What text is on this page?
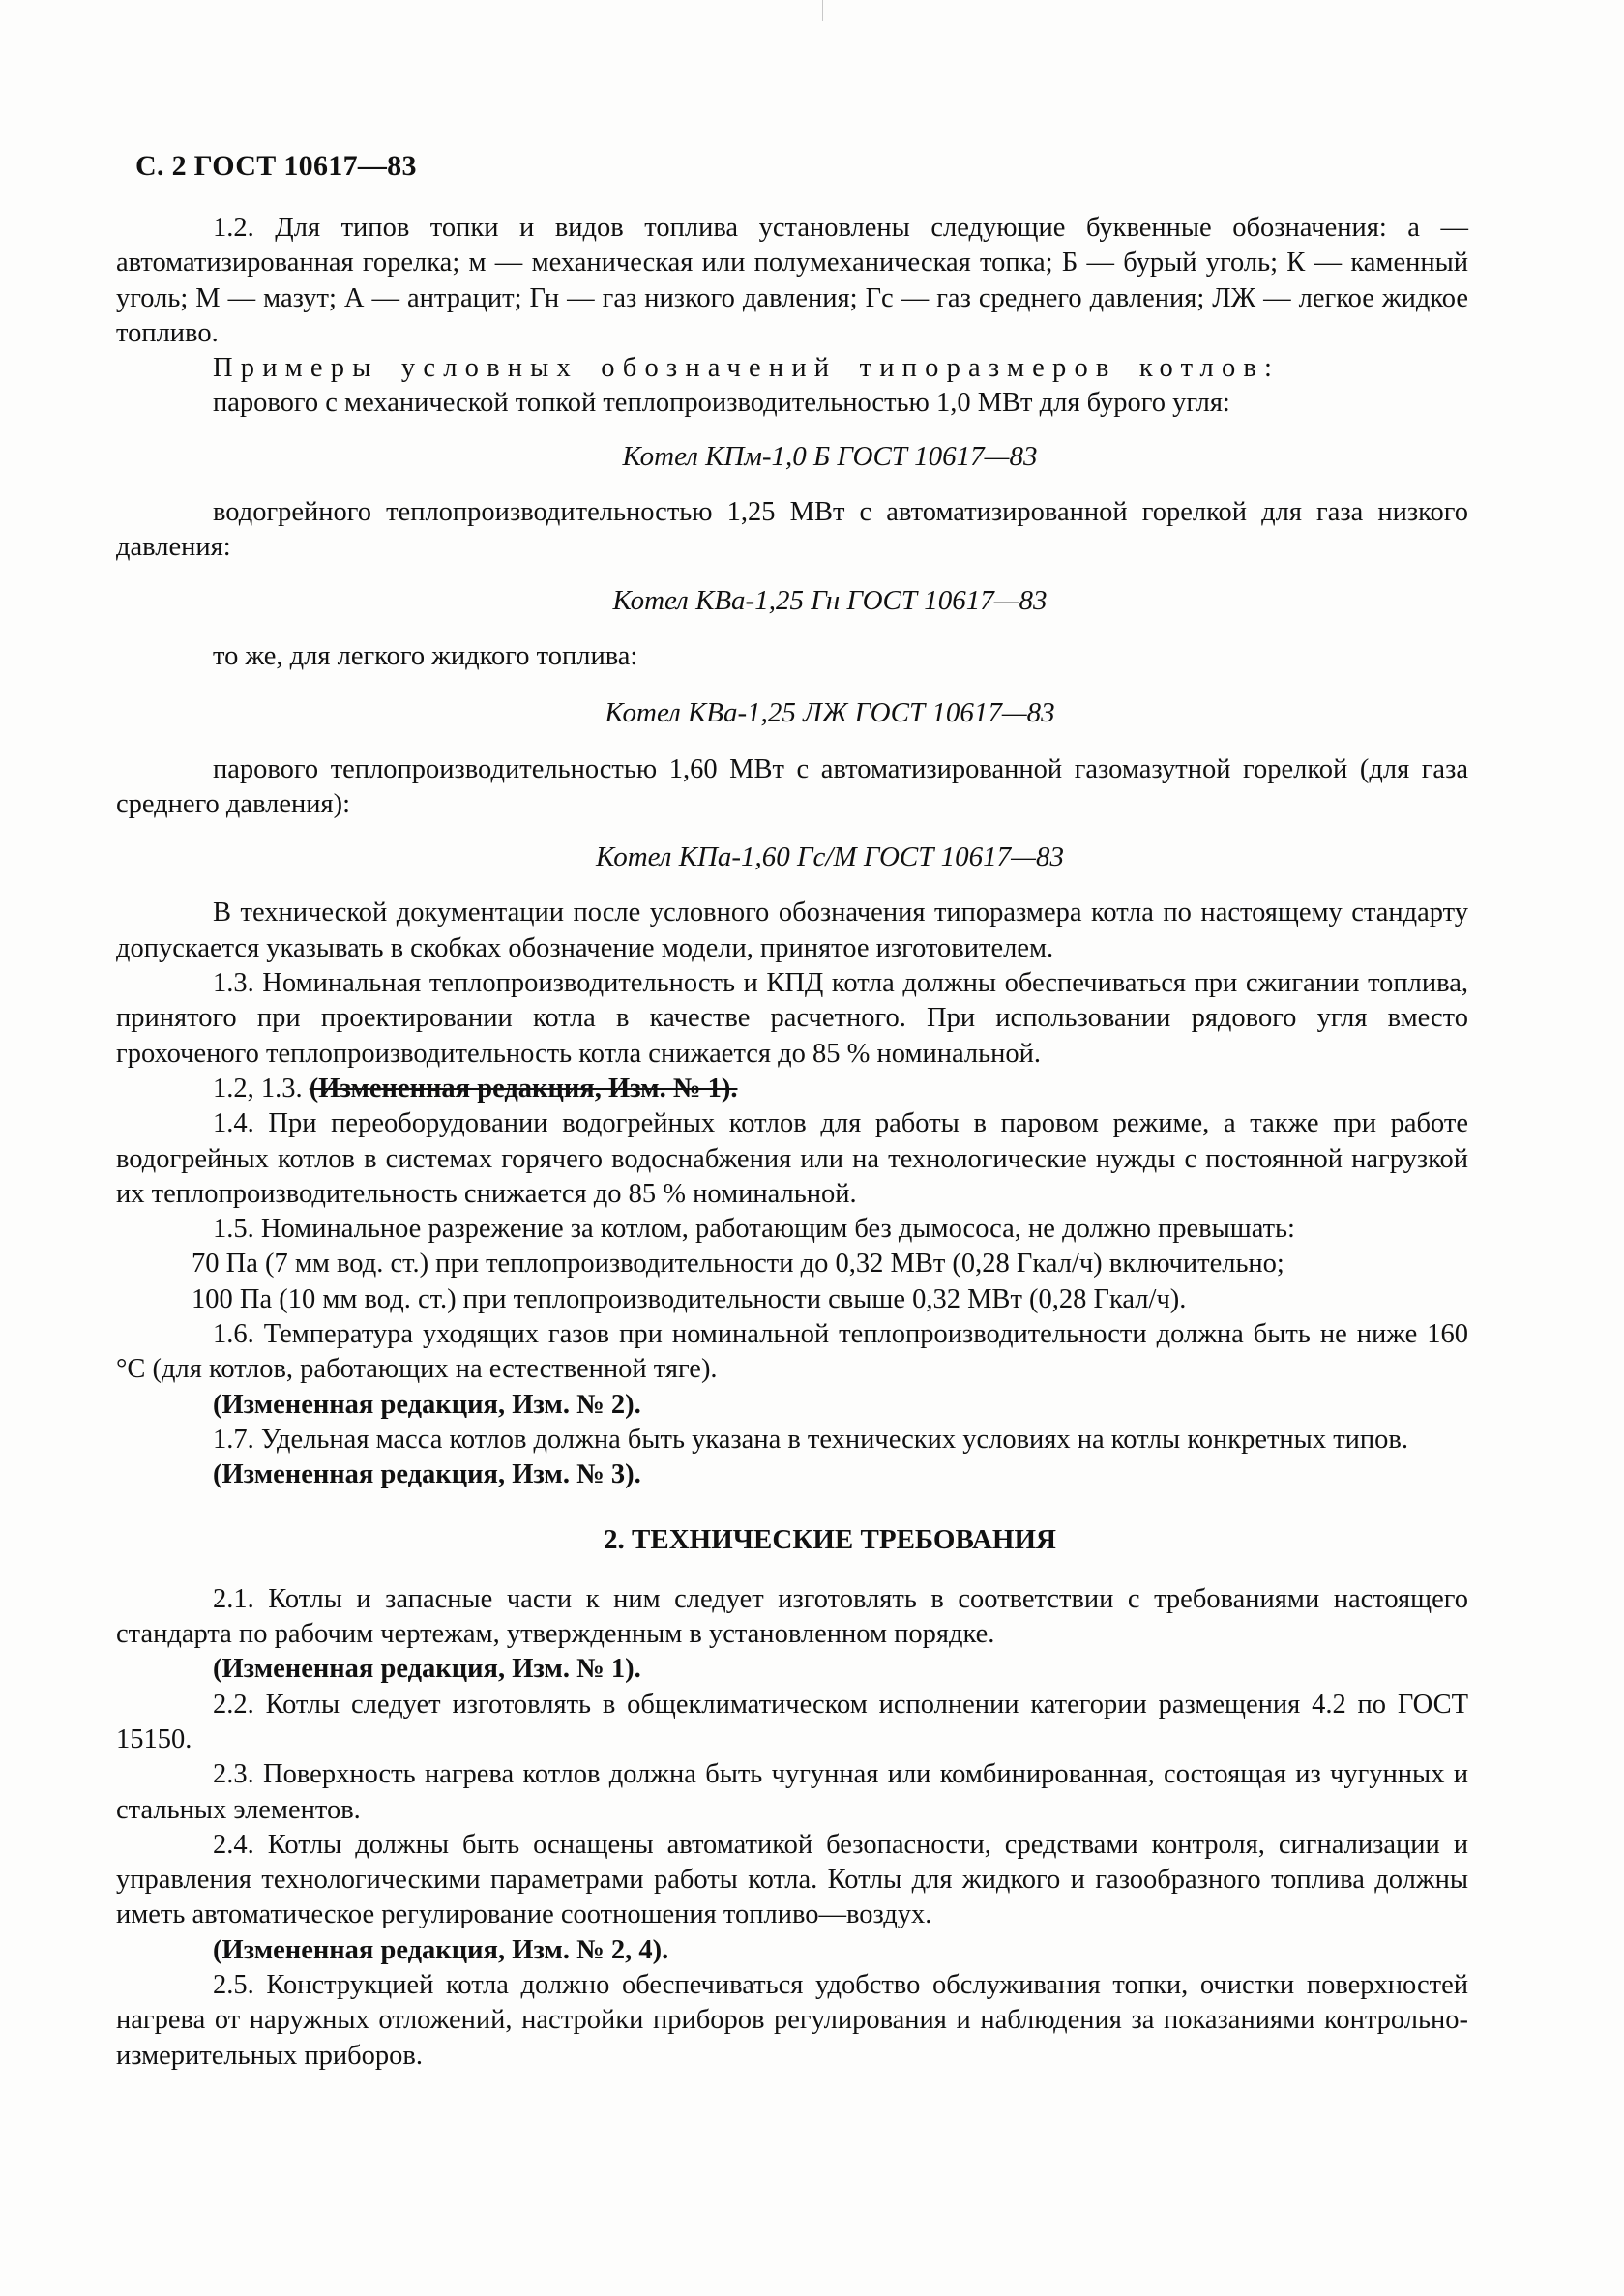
С. 2 ГОСТ 10617—83

1.2. Для типов топки и видов топлива установлены следующие буквенные обозначения: а — автоматизированная горелка; м — механическая или полумеханическая топка; Б — бурый уголь; К — каменный уголь; М — мазут; А — антрацит; Гн — газ низкого давления; Гс — газ среднего давления; ЛЖ — легкое жидкое топливо.

Примеры условных обозначений типоразмеров котлов:

парового с механической топкой теплопроизводительностью 1,0 МВт для бурого угля:

Котел КПм-1,0 Б ГОСТ 10617—83

водогрейного теплопроизводительностью 1,25 МВт с автоматизированной горелкой для газа низкого давления:

Котел КВа-1,25 Гн ГОСТ 10617—83

то же, для легкого жидкого топлива:

Котел КВа-1,25 ЛЖ ГОСТ 10617—83

парового теплопроизводительностью 1,60 МВт с автоматизированной газомазутной горелкой (для газа среднего давления):

Котел КПа-1,60 Гс/М ГОСТ 10617—83

В технической документации после условного обозначения типоразмера котла по настоящему стандарту допускается указывать в скобках обозначение модели, принятое изготовителем.

1.3. Номинальная теплопроизводительность и КПД котла должны обеспечиваться при сжигании топлива, принятого при проектировании котла в качестве расчетного. При использовании рядового угля вместо грохоченого теплопроизводительность котла снижается до 85 % номинальной.

1.2, 1.3. (Измененная редакция, Изм. № 1).

1.4. При переоборудовании водогрейных котлов для работы в паровом режиме, а также при работе водогрейных котлов в системах горячего водоснабжения или на технологические нужды с постоянной нагрузкой их теплопроизводительность снижается до 85 % номинальной.

1.5. Номинальное разрежение за котлом, работающим без дымососа, не должно превышать:

70 Па (7 мм вод. ст.) при теплопроизводительности до 0,32 МВт (0,28 Гкал/ч) включительно;

100 Па (10 мм вод. ст.) при теплопроизводительности свыше 0,32 МВт (0,28 Гкал/ч).

1.6. Температура уходящих газов при номинальной теплопроизводительности должна быть не ниже 160 °С (для котлов, работающих на естественной тяге).

(Измененная редакция, Изм. № 2).

1.7. Удельная масса котлов должна быть указана в технических условиях на котлы конкретных типов.

(Измененная редакция, Изм. № 3).

2. ТЕХНИЧЕСКИЕ ТРЕБОВАНИЯ

2.1. Котлы и запасные части к ним следует изготовлять в соответствии с требованиями настоящего стандарта по рабочим чертежам, утвержденным в установленном порядке.

(Измененная редакция, Изм. № 1).

2.2. Котлы следует изготовлять в общеклиматическом исполнении категории размещения 4.2 по ГОСТ 15150.

2.3. Поверхность нагрева котлов должна быть чугунная или комбинированная, состоящая из чугунных и стальных элементов.

2.4. Котлы должны быть оснащены автоматикой безопасности, средствами контроля, сигнализации и управления технологическими параметрами работы котла. Котлы для жидкого и газообразного топлива должны иметь автоматическое регулирование соотношения топливо—воздух.

(Измененная редакция, Изм. № 2, 4).

2.5. Конструкцией котла должно обеспечиваться удобство обслуживания топки, очистки поверхностей нагрева от наружных отложений, настройки приборов регулирования и наблюдения за показаниями контрольно-измерительных приборов.
